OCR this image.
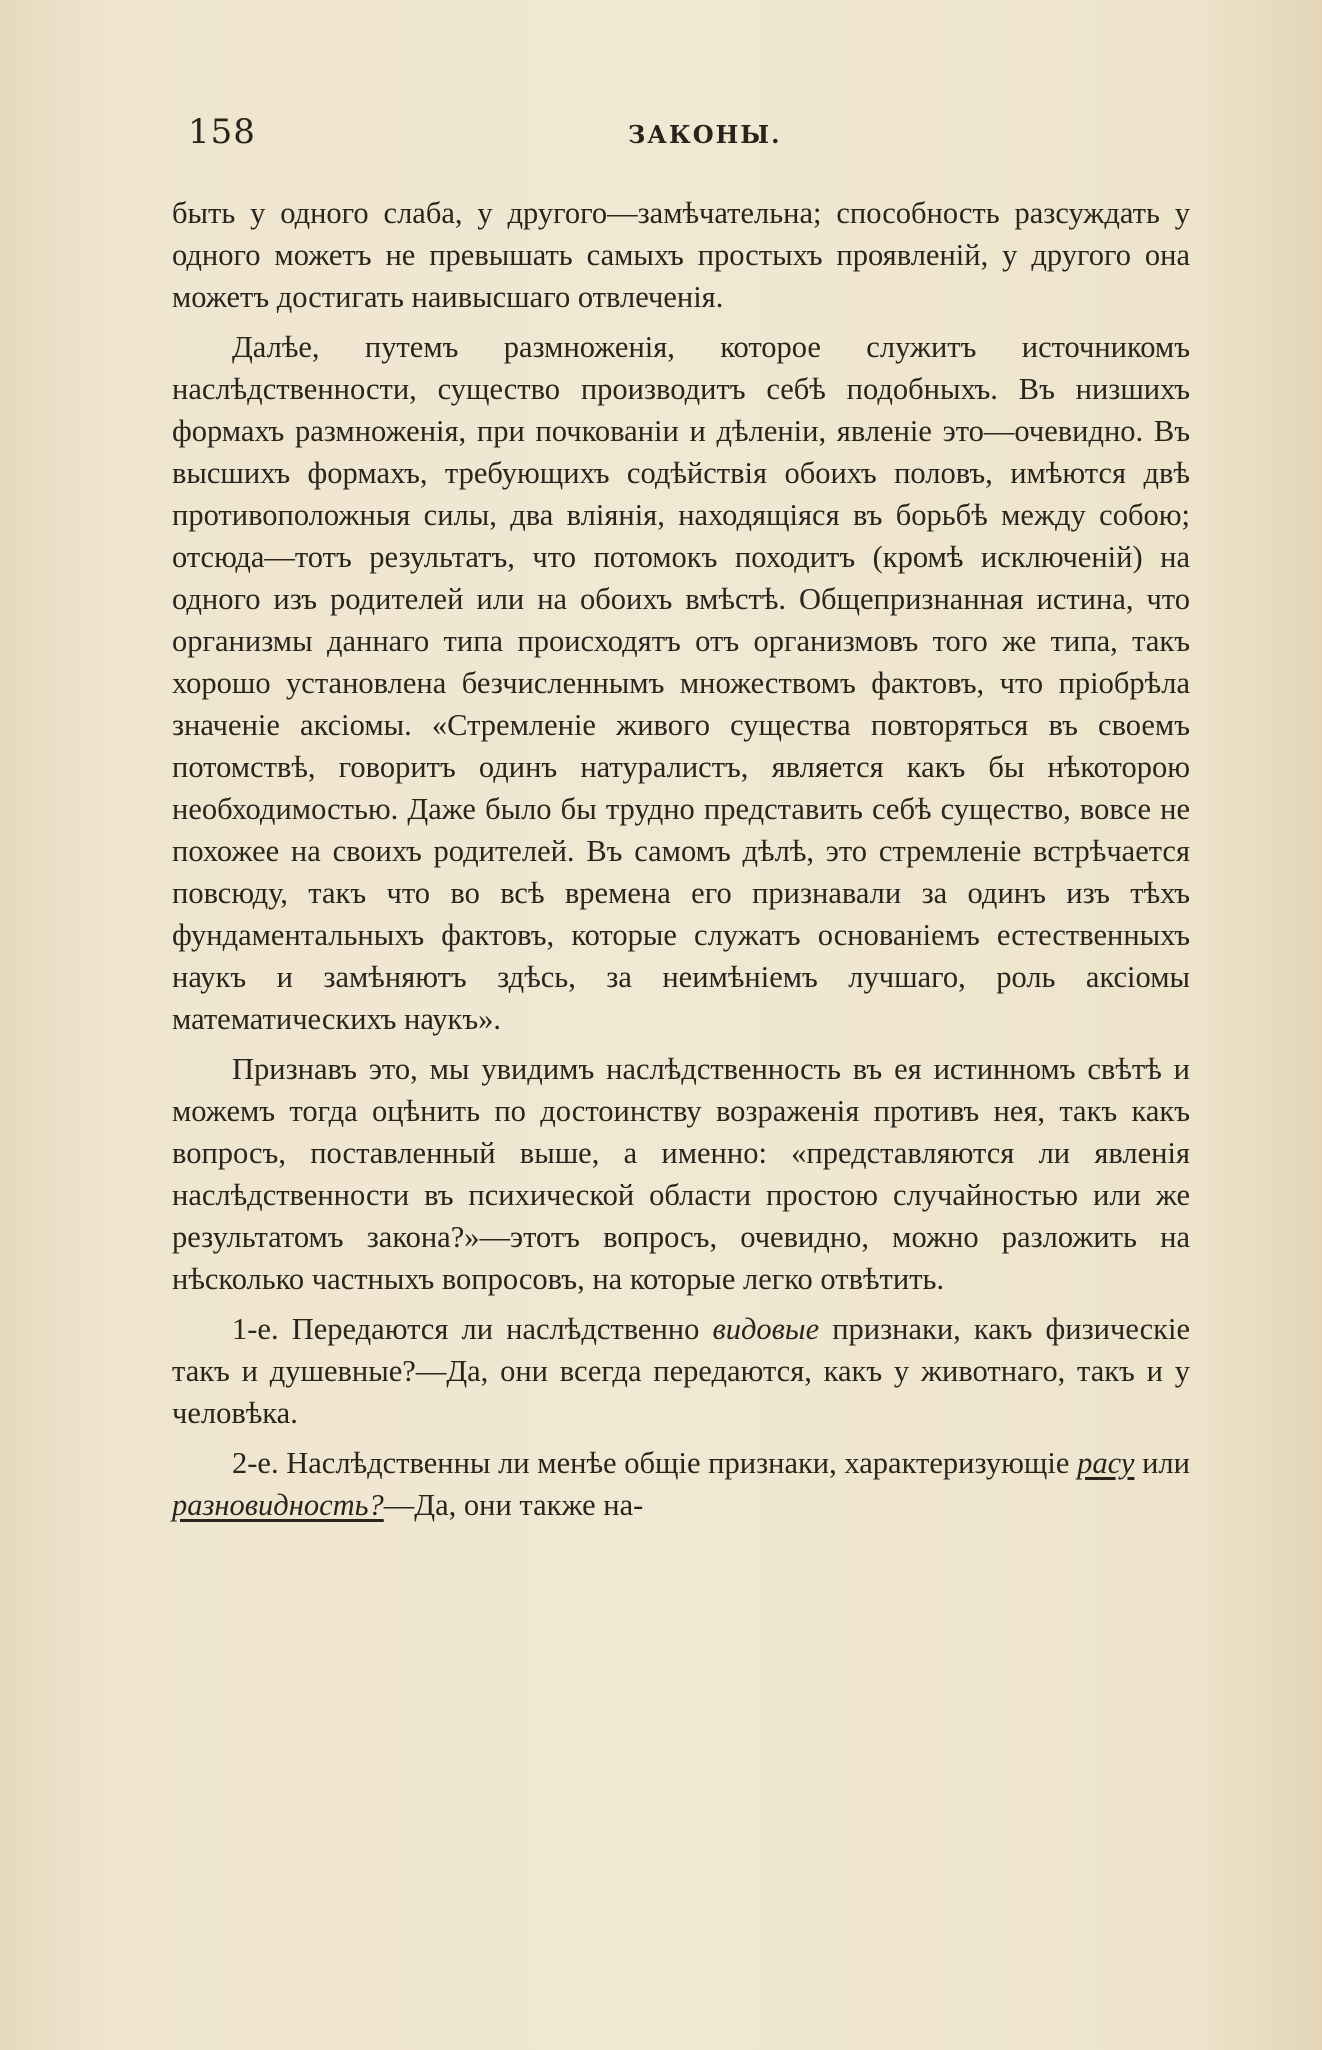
158	ЗАКОНЫ.

быть у одного слаба, у другого—замѣчательна; способность разсуждать у одного можетъ не превышать самыхъ простыхъ проявленій, у другого она можетъ достигать наивысшаго отвлеченія.

Далѣе, путемъ размноженія, которое служитъ источникомъ наслѣдственности, существо производитъ себѣ подобныхъ. Въ низшихъ формахъ размноженія, при почкованіи и дѣленіи, явленіе это—очевидно. Въ высшихъ формахъ, требующихъ содѣйствія обоихъ половъ, имѣются двѣ противоположныя силы, два вліянія, находящіяся въ борьбѣ между собою; отсюда—тотъ результатъ, что потомокъ походитъ (кромѣ исключеній) на одного изъ родителей или на обоихъ вмѣстѣ. Общепризнанная истина, что организмы даннаго типа происходятъ отъ организмовъ того же типа, такъ хорошо установлена безчисленнымъ множествомъ фактовъ, что пріобрѣла значеніе аксіомы. «Стремленіе живого существа повторяться въ своемъ потомствѣ, говоритъ одинъ натуралистъ, является какъ бы нѣкоторою необходимостью. Даже было бы трудно представить себѣ существо, вовсе не похожее на своихъ родителей. Въ самомъ дѣлѣ, это стремленіе встрѣчается повсюду, такъ что во всѣ времена его признавали за одинъ изъ тѣхъ фундаментальныхъ фактовъ, которые служатъ основаніемъ естественныхъ наукъ и замѣняютъ здѣсь, за неимѣніемъ лучшаго, роль аксіомы математическихъ наукъ».

Признавъ это, мы увидимъ наслѣдственность въ ея истинномъ свѣтѣ и можемъ тогда оцѣнить по достоинству возраженія противъ нея, такъ какъ вопросъ, поставленный выше, а именно: «представляются ли явленія наслѣдственности въ психической области простою случайностью или же результатомъ закона?»—этотъ вопросъ, очевидно, можно разложить на нѣсколько частныхъ вопросовъ, на которые легко отвѣтить.

1-е. Передаются ли наслѣдственно видовые признаки, какъ физическіе такъ и душевные?—Да, они всегда передаются, какъ у животнаго, такъ и у человѣка.

2-е. Наслѣдственны ли менѣе общіе признаки, характеризующіе расу или разновидность?—Да, они также на-
